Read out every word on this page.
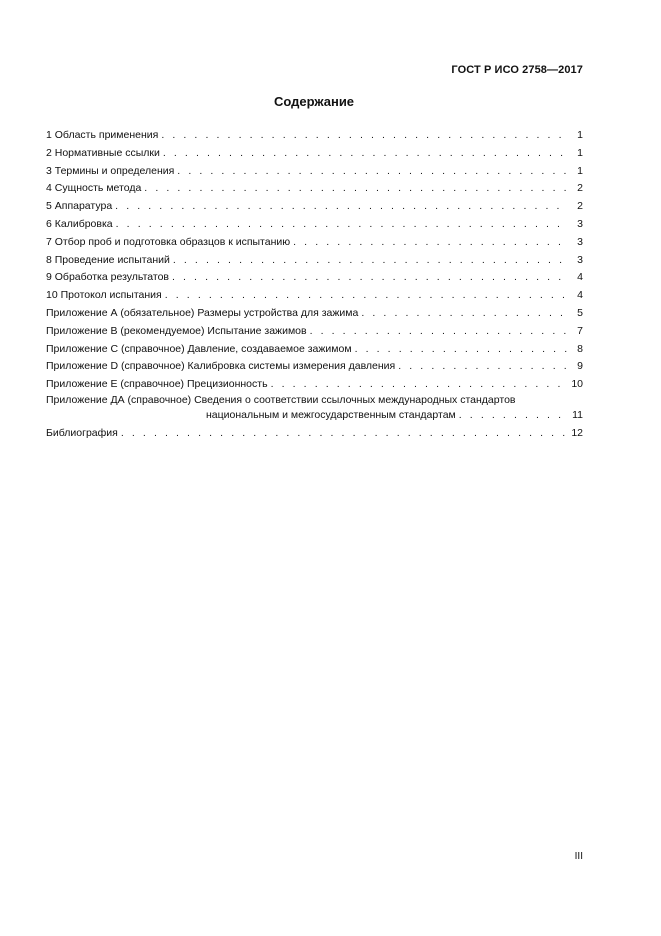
ГОСТ Р ИСО 2758—2017
Содержание
1 Область применения . . .	1
2 Нормативные ссылки . . .	1
3 Термины и определения . . .	1
4 Сущность метода . . .	2
5 Аппаратура . . .	2
6 Калибровка . . .	3
7 Отбор проб и подготовка образцов к испытанию . . .	3
8 Проведение испытаний . . .	3
9 Обработка результатов . . .	4
10 Протокол испытания . . .	4
Приложение А (обязательное) Размеры устройства для зажима . . .	5
Приложение В (рекомендуемое) Испытание зажимов . . .	7
Приложение С (справочное) Давление, создаваемое зажимом . . .	8
Приложение D (справочное) Калибровка системы измерения давления . . .	9
Приложение Е (справочное) Прецизионность . . .	10
Приложение ДА (справочное) Сведения о соответствии ссылочных международных стандартов
национальным и межгосударственным стандартам . . .	11
Библиография . . .	12
III
